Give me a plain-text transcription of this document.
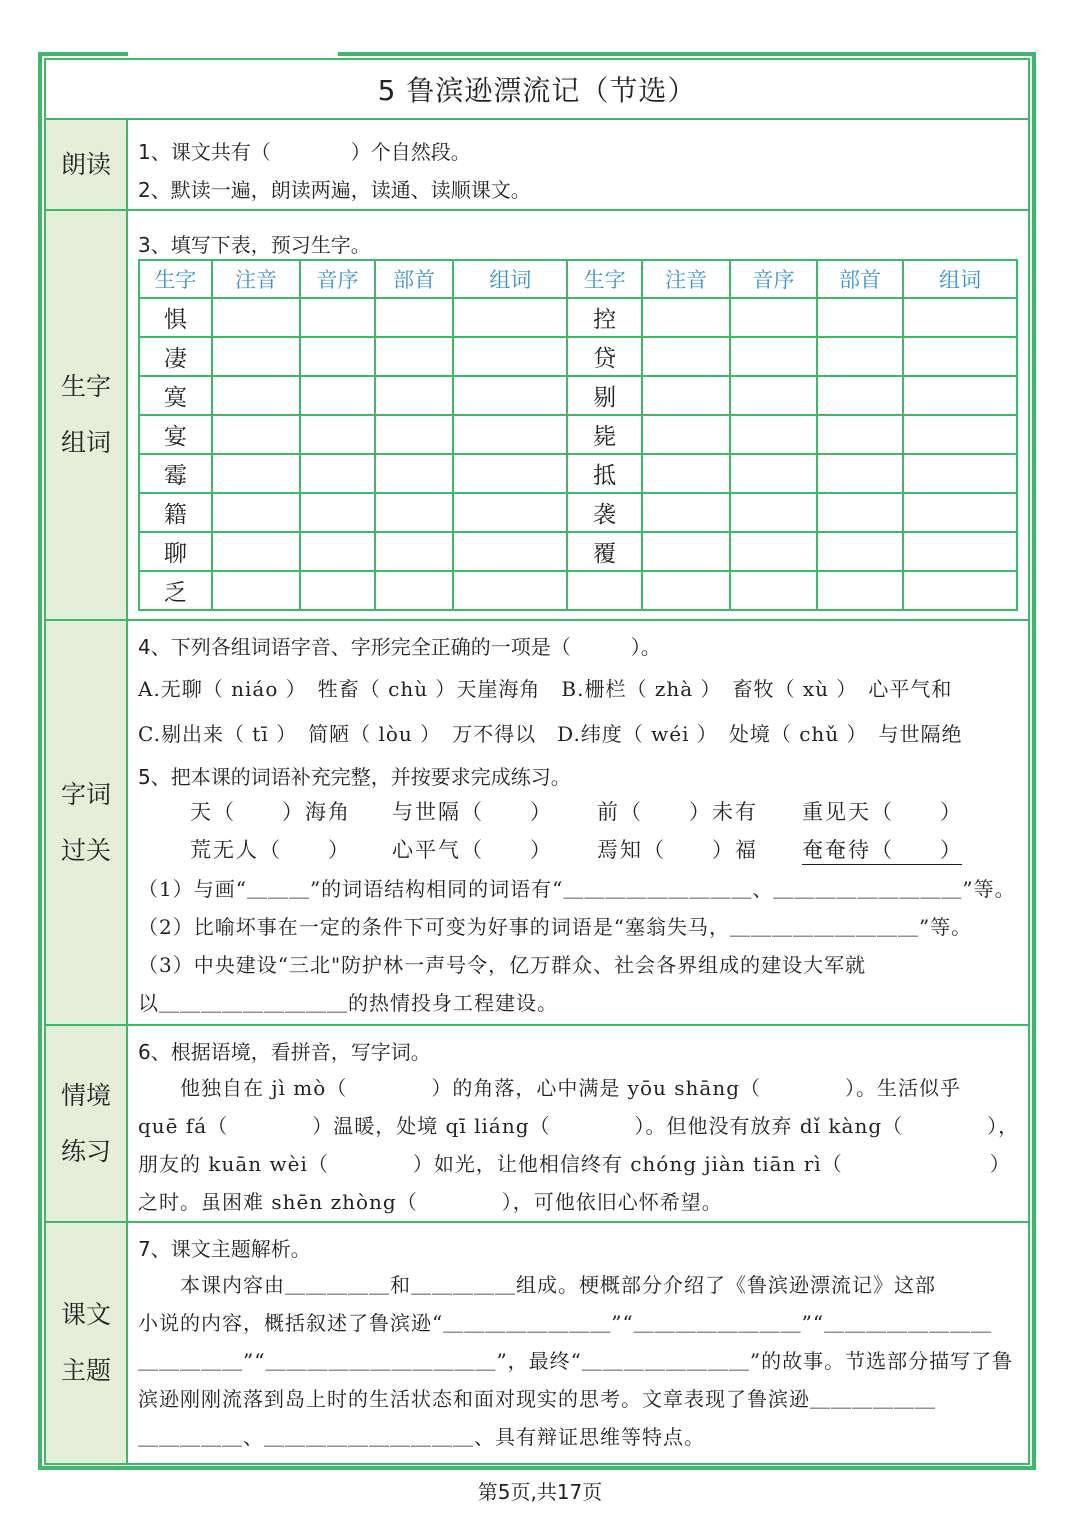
5 鲁滨逊漂流记（节选）
朗读 1、课文共有（　　　　）个自然段。
2、默读一遍，朗读两遍，读通、读顺课文。
生字
组词
3、填写下表，预习生字。
生字	注音	音序	部首	组词	生字	注音	音序	部首	组词
惧					控				
凄					贷				
寞					剔				
宴					毙				
霉					抵				
籍					袭				
聊					覆				
乏									
字词
过关
4、下列各组词语字音、字形完全正确的一项是（　　　）。
A.无聊（ niáo ）　牲畜（ chù ）天崖海角　B.栅栏（ zhà ）　畜牧（ xù ）　心平气和
C.剔出来（ tī ）　简陋（ lòu ）　万不得以　D.纬度（ wéi ）　处境（ chǔ ）　与世隔绝
5、把本课的词语补充完整，并按要求完成练习。
天（　　）海角 与世隔（　　） 前（　　）未有 重见天（　　）
荒无人（　　） 心平气（　　） 焉知（　　）福 奄奄待（　　）
（1）与画“＿＿＿”的词语结构相同的词语有“＿＿＿＿＿＿＿＿＿、＿＿＿＿＿＿＿＿＿”等。
（2）比喻坏事在一定的条件下可变为好事的词语是“塞翁失马，＿＿＿＿＿＿＿＿＿”等。
（3）中央建设“三北"防护林一声号令，亿万群众、社会各界组成的建设大军就
以＿＿＿＿＿＿＿＿＿的热情投身工程建设。
情境
练习
6、根据语境，看拼音，写字词。
　　他独自在 jì mò（　　　　）的角落，心中满是 yōu shāng（　　　　）。生活似乎
quē fá（　　　　）温暖，处境 qī liáng（　　　　）。但他没有放弃 dǐ kàng（　　　　），
朋友的 kuān wèi（　　　　）如光，让他相信终有 chóng jiàn tiān rì（　　　　　　　）
之时。虽困难 shēn zhòng（　　　　），可他依旧心怀希望。
课文
主题
7、课文主题解析。
　　本课内容由＿＿＿＿＿和＿＿＿＿＿组成。梗概部分介绍了《鲁滨逊漂流记》这部
小说的内容，概括叙述了鲁滨逊“＿＿＿＿＿＿＿＿”“＿＿＿＿＿＿＿＿”“＿＿＿＿＿＿＿＿
＿＿＿＿＿”“＿＿＿＿＿＿＿＿＿＿＿”，最终“＿＿＿＿＿＿＿＿”的故事。节选部分描写了鲁
滨逊刚刚流落到岛上时的生活状态和面对现实的思考。文章表现了鲁滨逊＿＿＿＿＿＿
＿＿＿＿＿、＿＿＿＿＿＿＿＿＿＿、具有辩证思维等特点。
第5页,共17页
